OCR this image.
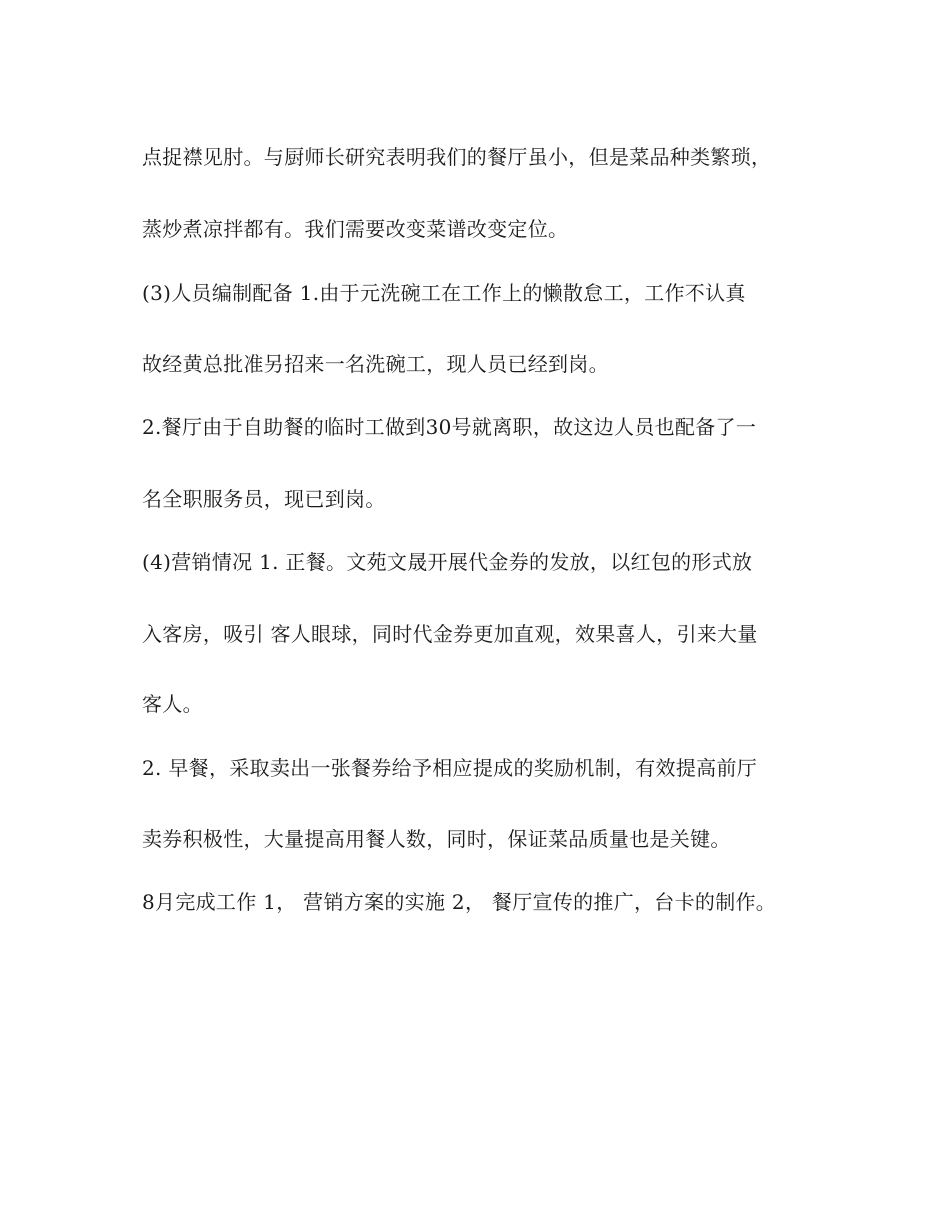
点捉襟见肘。与厨师长研究表明我们的餐厅虽小，但是菜品种类繁琐，
蒸炒煮凉拌都有。我们需要改变菜谱改变定位。
(3)人员编制配备 1.由于元洗碗工在工作上的懒散怠工，工作不认真
故经黄总批准另招来一名洗碗工，现人员已经到岗。
2.餐厅由于自助餐的临时工做到30号就离职，故这边人员也配备了一
名全职服务员，现已到岗。
(4)营销情况 1. 正餐。文苑文晟开展代金券的发放，以红包的形式放
入客房，吸引 客人眼球，同时代金券更加直观，效果喜人，引来大量
客人。
2. 早餐，采取卖出一张餐券给予相应提成的奖励机制，有效提高前厅
卖券积极性，大量提高用餐人数，同时，保证菜品质量也是关键。
8月完成工作 1， 营销方案的实施 2， 餐厅宣传的推广，台卡的制作。
